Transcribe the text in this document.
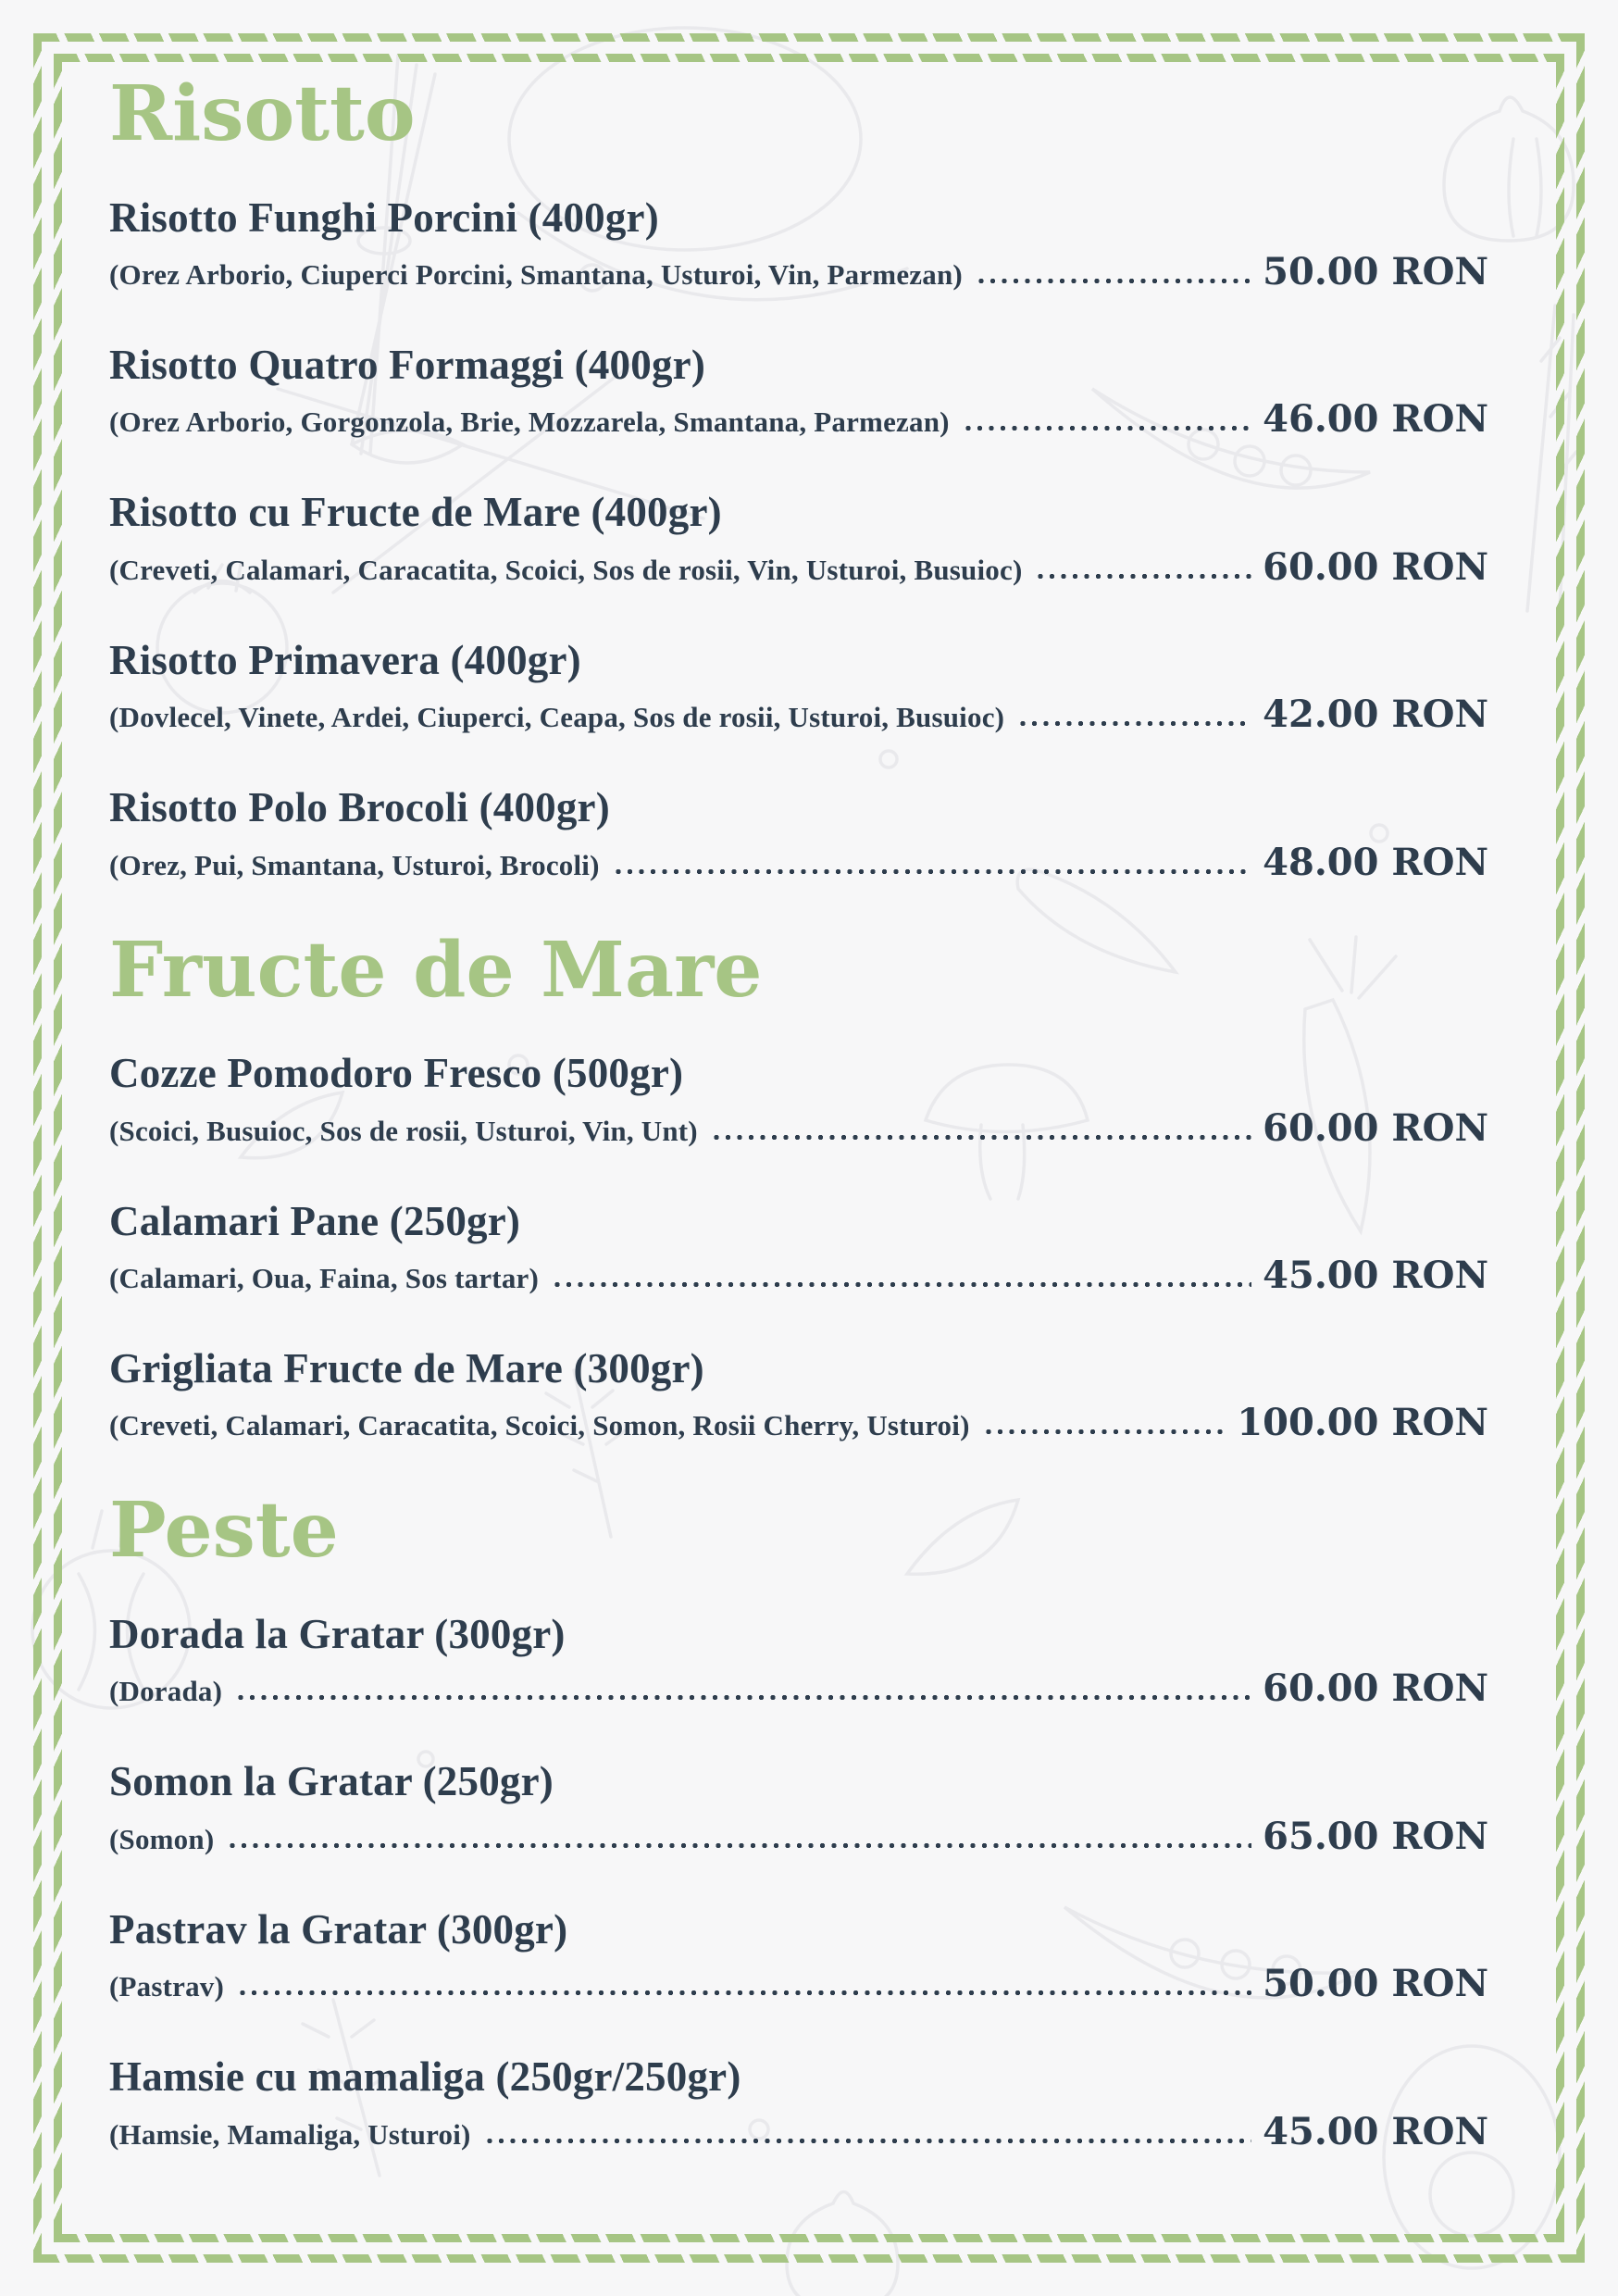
Risotto
Risotto Funghi Porcini (400gr)
(Orez Arborio, Ciuperci Porcini, Smantana, Usturoi, Vin, Parmezan)	50.00 RON
Risotto Quatro Formaggi (400gr)
(Orez Arborio, Gorgonzola, Brie, Mozzarela, Smantana, Parmezan)	46.00 RON
Risotto cu Fructe de Mare (400gr)
(Creveti, Calamari, Caracatita, Scoici, Sos de rosii, Vin, Usturoi, Busuioc)	60.00 RON
Risotto Primavera (400gr)
(Dovlecel, Vinete, Ardei, Ciuperci, Ceapa, Sos de rosii, Usturoi, Busuioc)	42.00 RON
Risotto Polo Brocoli (400gr)
(Orez, Pui, Smantana, Usturoi, Brocoli)	48.00 RON
Fructe de Mare
Cozze Pomodoro Fresco (500gr)
(Scoici, Busuioc, Sos de rosii, Usturoi, Vin, Unt)	60.00 RON
Calamari Pane (250gr)
(Calamari, Oua, Faina, Sos tartar)	45.00 RON
Grigliata Fructe de Mare (300gr)
(Creveti, Calamari, Caracatita, Scoici, Somon, Rosii Cherry, Usturoi)	100.00 RON
Peste
Dorada la Gratar (300gr)
(Dorada)	60.00 RON
Somon la Gratar (250gr)
(Somon)	65.00 RON
Pastrav la Gratar (300gr)
(Pastrav)	50.00 RON
Hamsie cu mamaliga (250gr/250gr)
(Hamsie, Mamaliga, Usturoi)	45.00 RON
